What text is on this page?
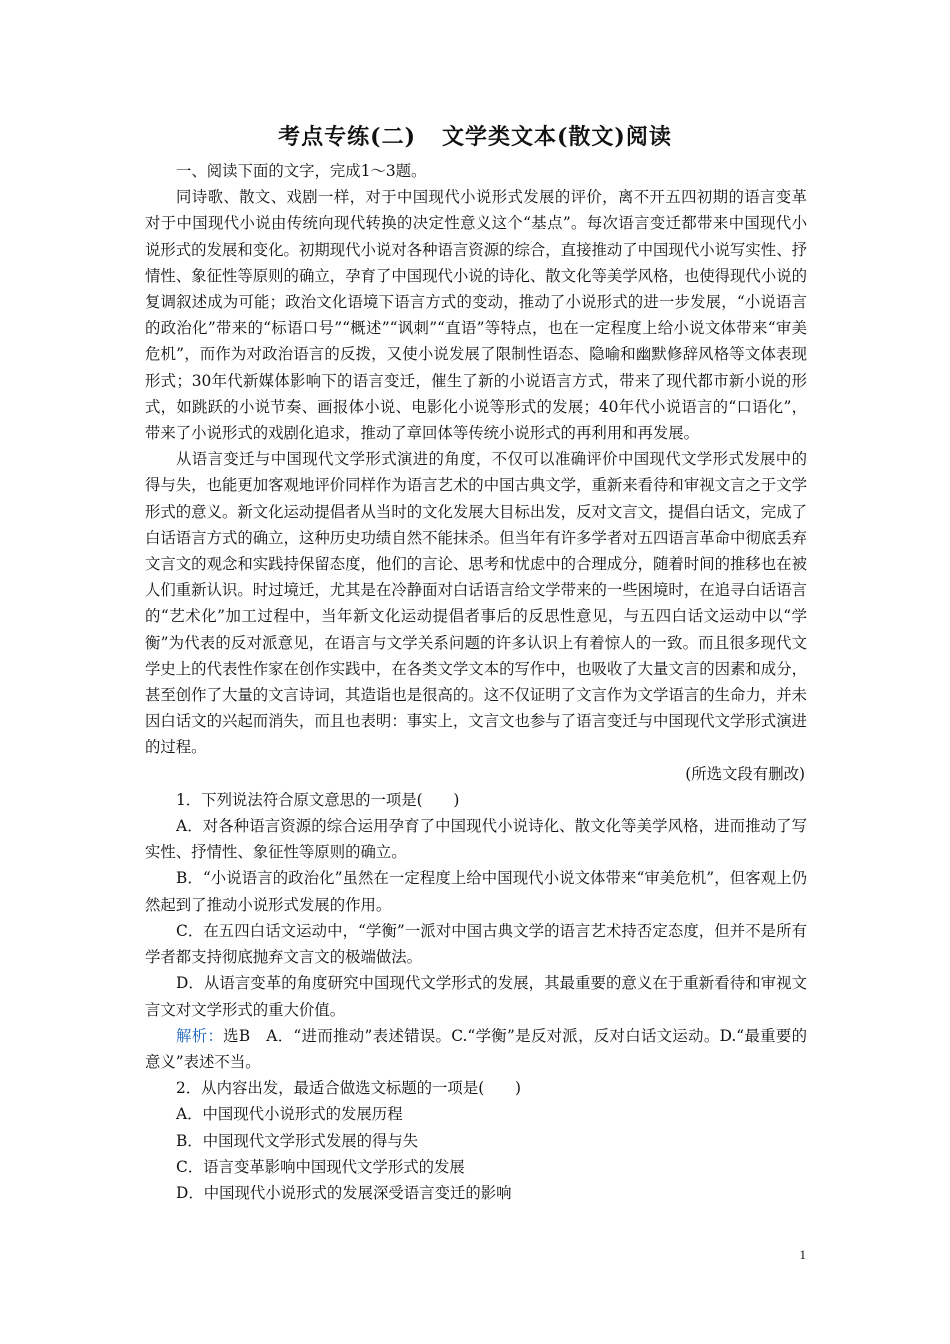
考点专练(二) 文学类文本(散文)阅读

一、阅读下面的文字，完成1～3题。

同诗歌、散文、戏剧一样，对于中国现代小说形式发展的评价，离不开五四初期的语言变革对于中国现代小说由传统向现代转换的决定性意义这个“基点”。每次语言变迁都带来中国现代小说形式的发展和变化。初期现代小说对各种语言资源的综合，直接推动了中国现代小说写实性、抒情性、象征性等原则的确立，孕育了中国现代小说的诗化、散文化等美学风格，也使得现代小说的复调叙述成为可能；政治文化语境下语言方式的变动，推动了小说形式的进一步发展，“小说语言的政治化”带来的“标语口号”“概述”“讽刺”“直语”等特点，也在一定程度上给小说文体带来“审美危机”，而作为对政治语言的反拨，又使小说发展了限制性语态、隐喻和幽默修辞风格等文体表现形式；30年代新媒体影响下的语言变迁，催生了新的小说语言方式，带来了现代都市新小说的形式，如跳跃的小说节奏、画报体小说、电影化小说等形式的发展；40年代小说语言的“口语化”，带来了小说形式的戏剧化追求，推动了章回体等传统小说形式的再利用和再发展。

从语言变迁与中国现代文学形式演进的角度，不仅可以准确评价中国现代文学形式发展中的得与失，也能更加客观地评价同样作为语言艺术的中国古典文学，重新来看待和审视文言之于文学形式的意义。新文化运动提倡者从当时的文化发展大目标出发，反对文言文，提倡白话文，完成了白话语言方式的确立，这种历史功绩自然不能抹杀。但当年有许多学者对五四语言革命中彻底丢弃文言文的观念和实践持保留态度，他们的言论、思考和忧虑中的合理成分，随着时间的推移也在被人们重新认识。时过境迁，尤其是在冷静面对白话语言给文学带来的一些困境时，在追寻白话语言的“艺术化”加工过程中，当年新文化运动提倡者事后的反思性意见，与五四白话文运动中以“学衡”为代表的反对派意见，在语言与文学关系问题的许多认识上有着惊人的一致。而且很多现代文学史上的代表性作家在创作实践中，在各类文学文本的写作中，也吸收了大量文言的因素和成分，甚至创作了大量的文言诗词，其造诣也是很高的。这不仅证明了文言作为文学语言的生命力，并未因白话文的兴起而消失，而且也表明：事实上，文言文也参与了语言变迁与中国现代文学形式演进的过程。

(所选文段有删改)

1．下列说法符合原文意思的一项是(　　)

A．对各种语言资源的综合运用孕育了中国现代小说诗化、散文化等美学风格，进而推动了写实性、抒情性、象征性等原则的确立。

B．“小说语言的政治化”虽然在一定程度上给中国现代小说文体带来“审美危机”，但客观上仍然起到了推动小说形式发展的作用。

C．在五四白话文运动中，“学衡”一派对中国古典文学的语言艺术持否定态度，但并不是所有学者都支持彻底抛弃文言文的极端做法。

D．从语言变革的角度研究中国现代文学形式的发展，其最重要的意义在于重新看待和审视文言文对文学形式的重大价值。

解析：选B　A．“进而推动”表述错误。C.“学衡”是反对派，反对白话文运动。D.“最重要的意义”表述不当。

2．从内容出发，最适合做选文标题的一项是(　　)

A．中国现代小说形式的发展历程

B．中国现代文学形式发展的得与失

C．语言变革影响中国现代文学形式的发展

D．中国现代小说形式的发展深受语言变迁的影响

1
